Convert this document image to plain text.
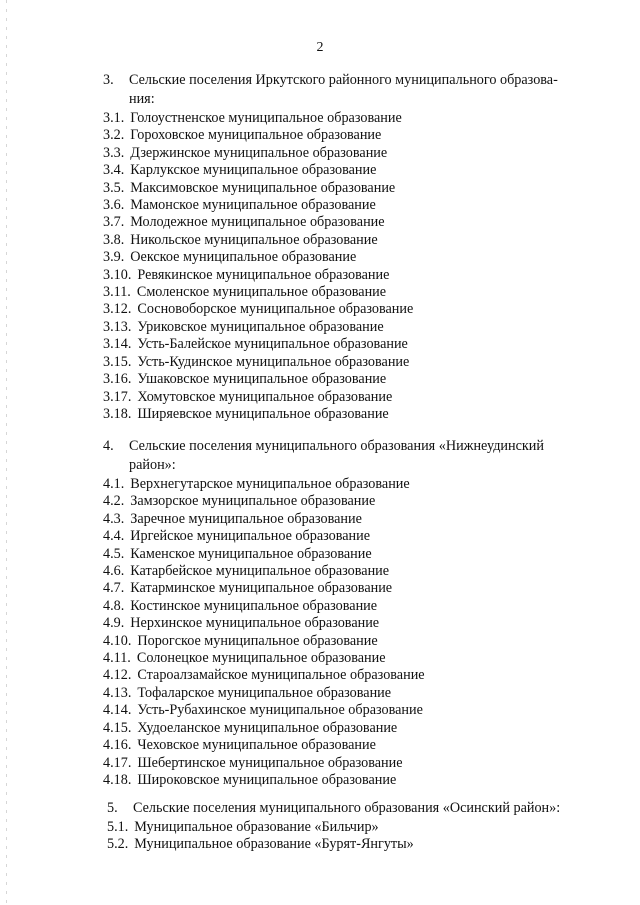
2
3.	Сельские поселения Иркутского районного муниципального образова-
ния:
3.1. Голоустненское муниципальное образование
3.2. Гороховское муниципальное образование
3.3. Дзержинское муниципальное образование
3.4. Карлукское муниципальное образование
3.5. Максимовское муниципальное образование
3.6. Мамонское муниципальное образование
3.7. Молодежное муниципальное образование
3.8. Никольское муниципальное образование
3.9. Оекское муниципальное образование
3.10. Ревякинское муниципальное образование
3.11. Смоленское муниципальное образование
3.12. Сосновоборское муниципальное образование
3.13. Уриковское муниципальное образование
3.14. Усть-Балейское муниципальное образование
3.15. Усть-Кудинское муниципальное образование
3.16. Ушаковское муниципальное образование
3.17. Хомутовское муниципальное образование
3.18. Ширяевское муниципальное образование
4.	Сельские поселения муниципального образования «Нижнеудинский
район»:
4.1. Верхнегутарское муниципальное образование
4.2. Замзорское муниципальное образование
4.3. Заречное муниципальное образование
4.4. Иргейское муниципальное образование
4.5. Каменское муниципальное образование
4.6. Катарбейское муниципальное образование
4.7. Катарминское муниципальное образование
4.8. Костинское муниципальное образование
4.9. Нерхинское муниципальное образование
4.10. Порогское муниципальное образование
4.11. Солонецкое муниципальное образование
4.12. Староалзамайское муниципальное образование
4.13. Тофаларское муниципальное образование
4.14. Усть-Рубахинское муниципальное образование
4.15. Худоеланское муниципальное образование
4.16. Чеховское муниципальное образование
4.17. Шебертинское муниципальное образование
4.18. Широковское муниципальное образование
5.	Сельские поселения муниципального образования «Осинский район»:
5.1. Муниципальное образование «Бильчир»
5.2. Муниципальное образование «Бурят-Янгуты»
